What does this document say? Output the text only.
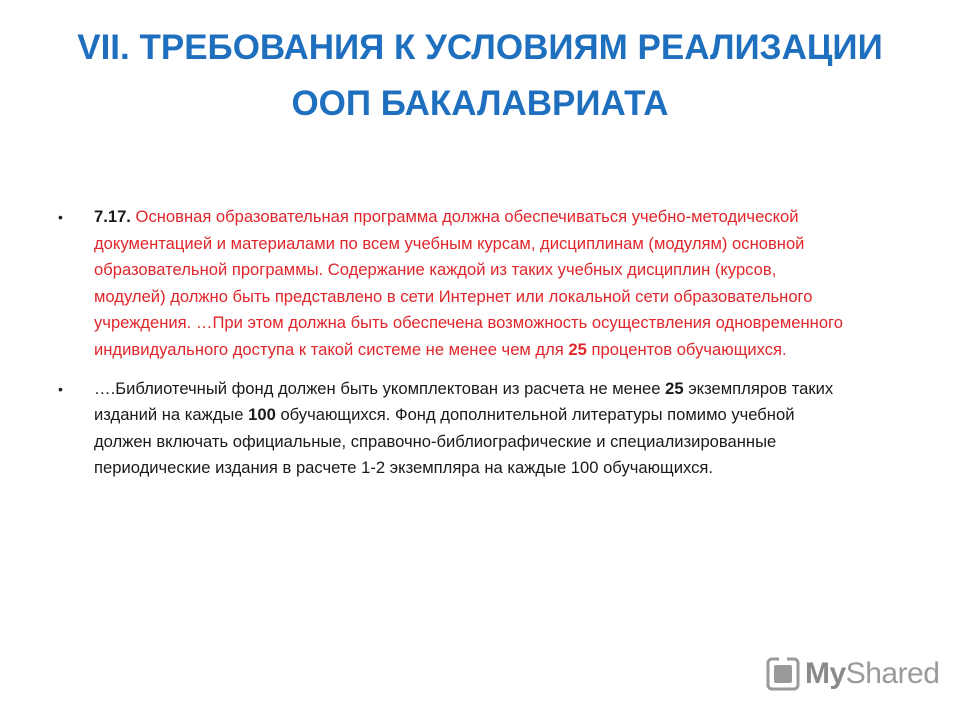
VII. ТРЕБОВАНИЯ К УСЛОВИЯМ РЕАЛИЗАЦИИ
ООП БАКАЛАВРИАТА
• 7.17. Основная образовательная программа должна обеспечиваться учебно-методической документацией и материалами по всем учебным курсам, дисциплинам (модулям) основной образовательной программы. Содержание каждой из таких учебных дисциплин (курсов, модулей) должно быть представлено в сети Интернет или локальной сети образовательного учреждения. …При этом должна быть обеспечена возможность осуществления одновременного индивидуального доступа к такой системе не менее чем для 25 процентов обучающихся.
• ….Библиотечный фонд должен быть укомплектован из расчета не менее 25 экземпляров таких изданий на каждые 100 обучающихся. Фонд дополнительной литературы помимо учебной должен включать официальные, справочно-библиографические и специализированные периодические издания в расчете 1-2 экземпляра на каждые 100 обучающихся.
MyShared
